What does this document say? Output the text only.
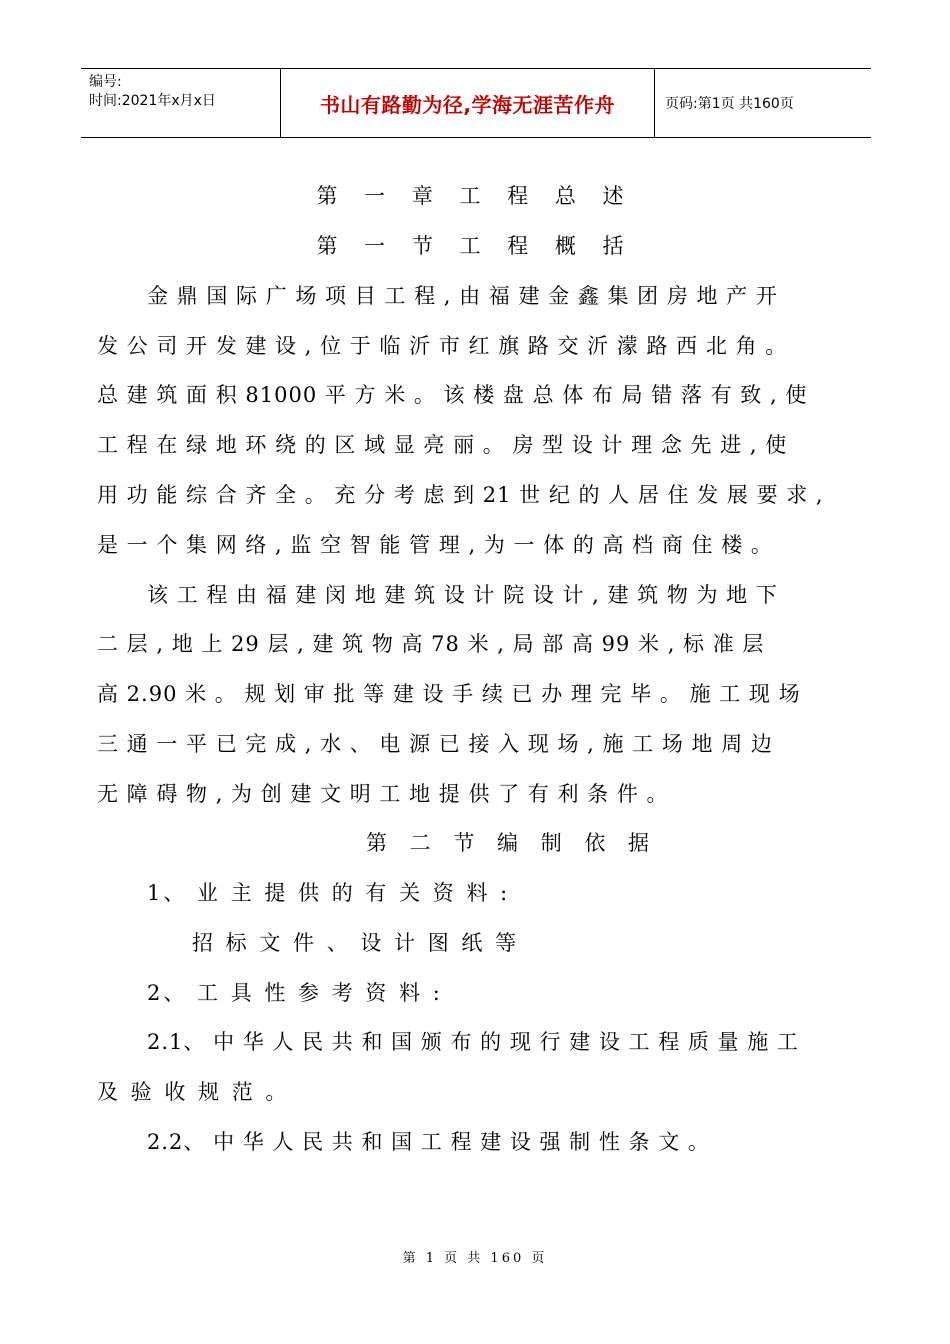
编号:
时间:2021年x月x日	书山有路勤为径,学海无涯苦作舟	页码:第1页 共160页
第 一 章 工 程 总 述
第 一 节 工 程 概 括
金 鼎 国 际 广 场 项 目 工 程 , 由 福 建 金 鑫 集 团 房 地 产 开
发 公 司 开 发 建 设 , 位 于 临 沂 市 红 旗 路 交 沂 濛 路 西 北 角 。
总 建 筑 面 积 81000 平 方 米 。 该 楼 盘 总 体 布 局 错 落 有 致 , 使
工 程 在 绿 地 环 绕 的 区 域 显 亮 丽 。 房 型 设 计 理 念 先 进 , 使
用 功 能 综 合 齐 全 。 充 分 考 虑 到 21 世 纪 的 人 居 住 发 展 要 求 ,
是 一 个 集 网 络 , 监 空 智 能 管 理 , 为 一 体 的 高 档 商 住 楼 。
该 工 程 由 福 建 闵 地 建 筑 设 计 院 设 计 , 建 筑 物 为 地 下
二 层 , 地 上 29 层 , 建 筑 物 高 78 米 , 局 部 高 99 米 , 标 准 层
高 2.90 米 。 规 划 审 批 等 建 设 手 续 已 办 理 完 毕 。 施 工 现 场
三 通 一 平 已 完 成 , 水 、 电 源 已 接 入 现 场 , 施 工 场 地 周 边
无 障 碍 物 , 为 创 建 文 明 工 地 提 供 了 有 利 条 件 。
第 二 节 编 制 依 据
1、 业 主 提 供 的 有 关 资 料 :
招 标 文 件 、 设 计 图 纸 等
2、 工 具 性 参 考 资 料 :
2.1、 中 华 人 民 共 和 国 颁 布 的 现 行 建 设 工 程 质 量 施 工
及 验 收 规 范 。
2.2、 中 华 人 民 共 和 国 工 程 建 设 强 制 性 条 文 。
第 1 页 共 160 页
